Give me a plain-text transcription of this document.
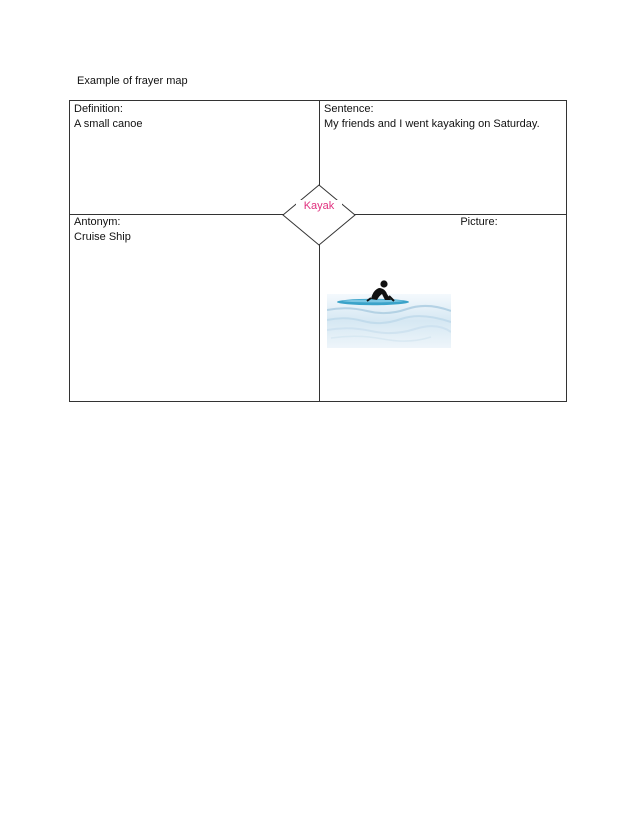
Example of frayer map
Definition:
A small canoe
Sentence:
My friends and I went kayaking on Saturday.
Antonym:
Cruise Ship
Picture:
Kayak
